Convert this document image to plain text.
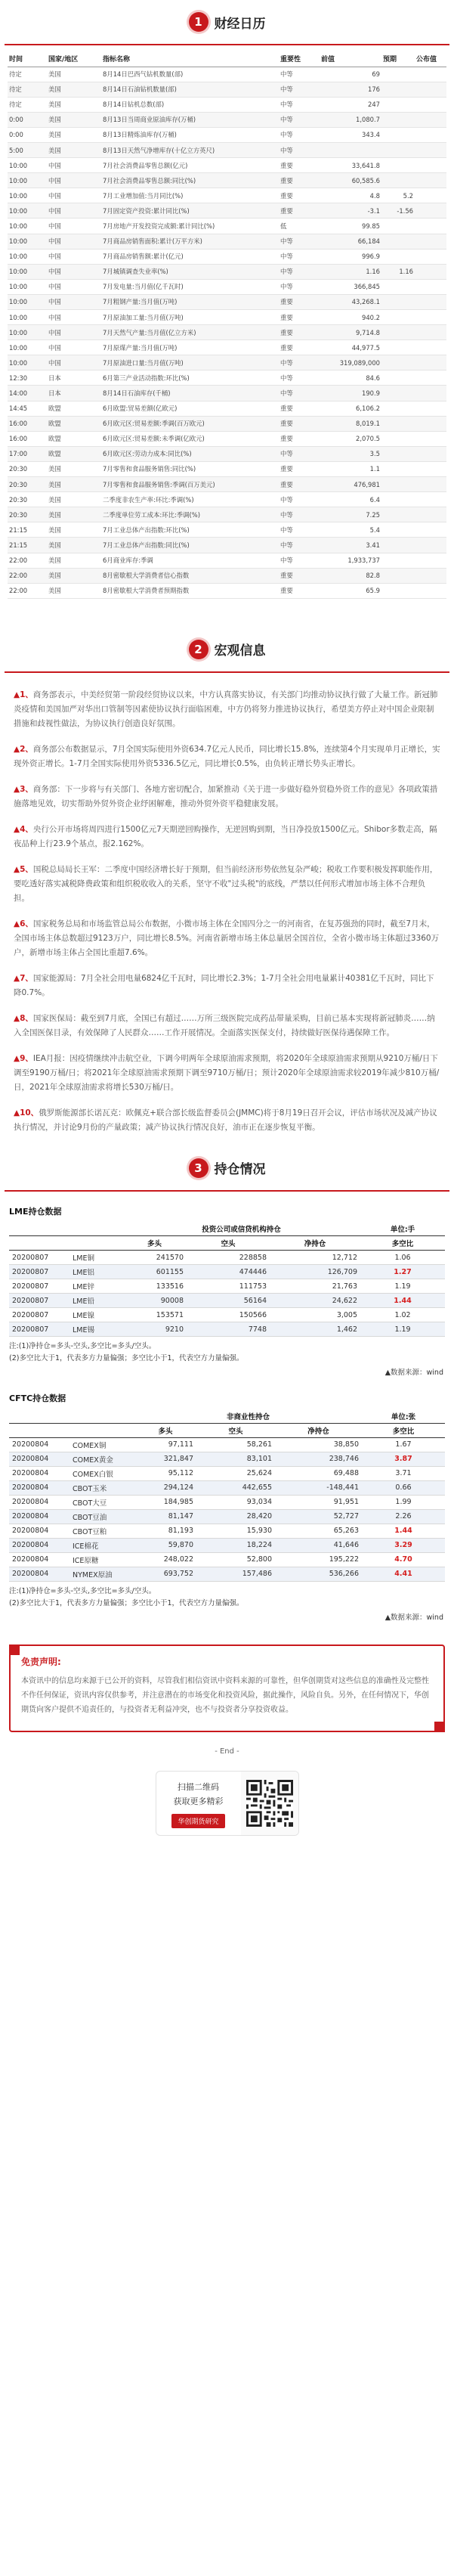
1 财经日历
时间	国家/地区	指标名称	重要性	前值	预期	公布值
待定	美国	8月14日巴西气钻机数量(部)	中等	69		
待定	美国	8月14日石油钻机数量(部)	中等	176		
待定	美国	8月14日钻机总数(部)	中等	247		
0:00	美国	8月13日当周商业原油库存(万桶)	中等	1,080.7		
0:00	美国	8月13日精炼油库存(万桶)	中等	343.4		
5:00	美国	8月13日天然气净增库存(十亿立方英尺)	中等			
10:00	中国	7月社会消费品零售总额(亿元)	重要	33,641.8		
10:00	中国	7月社会消费品零售总额:同比(%)	重要	60,585.6		
10:00	中国	7月工业增加值:当月同比(%)	重要	4.8	5.2	
10:00	中国	7月固定资产投资:累计同比(%)	重要	-3.1	-1.56	
10:00	中国	7月房地产开发投资完成额:累计同比(%)	低	99.85		
10:00	中国	7月商品房销售面积:累计(万平方米)	中等	66,184		
10:00	中国	7月商品房销售额:累计(亿元)	中等	996.9		
10:00	中国	7月城镇调查失业率(%)	中等	1.16	1.16	
10:00	中国	7月发电量:当月值(亿千瓦时)	中等	366,845		
10:00	中国	7月粗钢产量:当月值(万吨)	重要	43,268.1		
10:00	中国	7月原油加工量:当月值(万吨)	重要	940.2		
10:00	中国	7月天然气产量:当月值(亿立方米)	重要	9,714.8		
10:00	中国	7月原煤产量:当月值(万吨)	重要	44,977.5		
10:00	中国	7月原油进口量:当月值(万吨)	中等	319,089,000		
12:30	日本	6月第三产业活动指数:环比(%)	中等	84.6		
14:00	日本	8月14日石油库存(千桶)	中等	190.9		
14:45	欧盟	6月欧盟:贸易差额(亿欧元)	重要	6,106.2		
16:00	欧盟	6月欧元区:贸易差额:季调(百万欧元)	重要	8,019.1		
16:00	欧盟	6月欧元区:贸易差额:未季调(亿欧元)	重要	2,070.5		
17:00	欧盟	6月欧元区:劳动力成本:同比(%)	中等	3.5		
20:30	美国	7月零售和食品服务销售:同比(%)	重要	1.1		
20:30	美国	7月零售和食品服务销售:季调(百万美元)	重要	476,981		
20:30	美国	二季度非农生产率:环比:季调(%)	中等	6.4		
20:30	美国	二季度单位劳工成本:环比:季调(%)	中等	7.25		
21:15	美国	7月工业总体产出指数:环比(%)	中等	5.4		
21:15	美国	7月工业总体产出指数:同比(%)	中等	3.41		
22:00	美国	6月商业库存:季调	中等	1,933,737		
22:00	美国	8月密歇根大学消费者信心指数	重要	82.8		
22:00	美国	8月密歇根大学消费者预期指数	重要	65.9		
2 宏观信息

▲1、商务部表示，中美经贸第一阶段经贸协议以来，中方认真落实协议，有关部门均推动协议执行做了大量工作。新冠肺炎疫情和美国加严对华出口管制等因素使协议执行面临困难，中方仍将努力推进协议执行，希望美方停止对中国企业限制措施和歧视性做法，为协议执行创造良好氛围。

▲2、商务部公布数据显示，7月全国实际使用外资634.7亿元人民币，同比增长15.8%，连续第4个月实现单月正增长，实现外资正增长。1-7月全国实际使用外资5336.5亿元，同比增长0.5%，由负转正增长势头正增长。

▲3、商务部：下一步将与有关部门、各地方密切配合，加紧推动《关于进一步做好稳外贸稳外资工作的意见》各项政策措施落地见效，切实帮助外贸外资企业纾困解难，推动外贸外资平稳健康发展。

▲4、央行公开市场将周四进行1500亿元7天期逆回购操作，无逆回购到期，当日净投放1500亿元。Shibor多数走高，隔夜品种上行23.9个基点，报2.162%。

▲5、国税总局局长王军：二季度中国经济增长好于预期，但当前经济形势依然复杂严峻；税收工作要积极发挥职能作用，要吃透好落实减税降费政策和组织税收收入的关系，坚守不收"过头税"的底线，严禁以任何形式增加市场主体不合理负担。

▲6、国家税务总局和市场监管总局公布数据，小微市场主体在全国四分之一的河南省，在复苏强劲的同时，截至7月末，全国市场主体总数超过9123万户，同比增长8.5%。河南省新增市场主体总量居全国首位，全省小微市场主体超过3360万户，新增市场主体占全国比重超7.6%。

▲7、国家能源局：7月全社会用电量6824亿千瓦时，同比增长2.3%；1-7月全社会用电量累计40381亿千瓦时，同比下降0.7%。

▲8、国家医保局：截至到7月底，全国已有超过……万所三级医院完成药品带量采购，目前已基本实现将新冠肺炎……纳入全国医保目录，有效保障了人民群众……工作开展情况。全面落实医保支付，持续做好医保待遇保障工作。

▲9、IEA月报：因疫情继续冲击航空业，下调今明两年全球原油需求预期，将2020年全球原油需求预期从9210万桶/日下调至9190万桶/日；将2021年全球原油需求预期下调至9710万桶/日；预计2020年全球原油需求较2019年减少810万桶/日，2021年全球原油需求将增长530万桶/日。

▲10、俄罗斯能源部长诺瓦克：欧佩克+联合部长级监督委员会(JMMC)将于8月19日召开会议，评估市场状况及减产协议执行情况，并讨论9月份的产量政策；减产协议执行情况良好，油市正在逐步恢复平衡。

3 持仓情况
LME持仓数据
		投资公司或信贷机构持仓			单位:手
		多头	空头	净持仓	多空比
20200807	LME铜	241570	228858	12,712	1.06
20200807	LME铝	601155	474446	126,709	1.27
20200807	LME锌	133516	111753	21,763	1.19
20200807	LME铅	90008	56164	24,622	1.44
20200807	LME镍	153571	150566	3,005	1.02
20200807	LME锡	9210	7748	1,462	1.19
注:(1)净持仓=多头-空头,多空比=多头/空头。
(2)多空比大于1，代表多方力量偏强；多空比小于1，代表空方力量偏强。
▲数据来源：wind
CFTC持仓数据
		非商业性持仓			单位:张
		多头	空头	净持仓	多空比
20200804	COMEX铜	97,111	58,261	38,850	1.67
20200804	COMEX黄金	321,847	83,101	238,746	3.87
20200804	COMEX白银	95,112	25,624	69,488	3.71
20200804	CBOT玉米	294,124	442,655	-148,441	0.66
20200804	CBOT大豆	184,985	93,034	91,951	1.99
20200804	CBOT豆油	81,147	28,420	52,727	2.26
20200804	CBOT豆粕	81,193	15,930	65,263	1.44
20200804	ICE棉花	59,870	18,224	41,646	3.29
20200804	ICE原糖	248,022	52,800	195,222	4.70
20200804	NYMEX原油	693,752	157,486	536,266	4.41
注:(1)净持仓=多头-空头,多空比=多头/空头。
(2)多空比大于1，代表多方力量偏强；多空比小于1，代表空方力量偏强。
▲数据来源：wind
免责声明:
本资讯中的信息均来源于已公开的资料，尽管我们相信资讯中资料来源的可靠性，但华创期货对这些信息的准确性及完整性不作任何保证，资讯内容仅供参考，并注意潜在的市场变化和投资风险，据此操作，风险自负。另外，在任何情况下，华创期货向客户提供不追责任的，与投资者无利益冲突，也不与投资者分享投资收益。
- End -
扫描二维码
获取更多精彩
华创期货研究
